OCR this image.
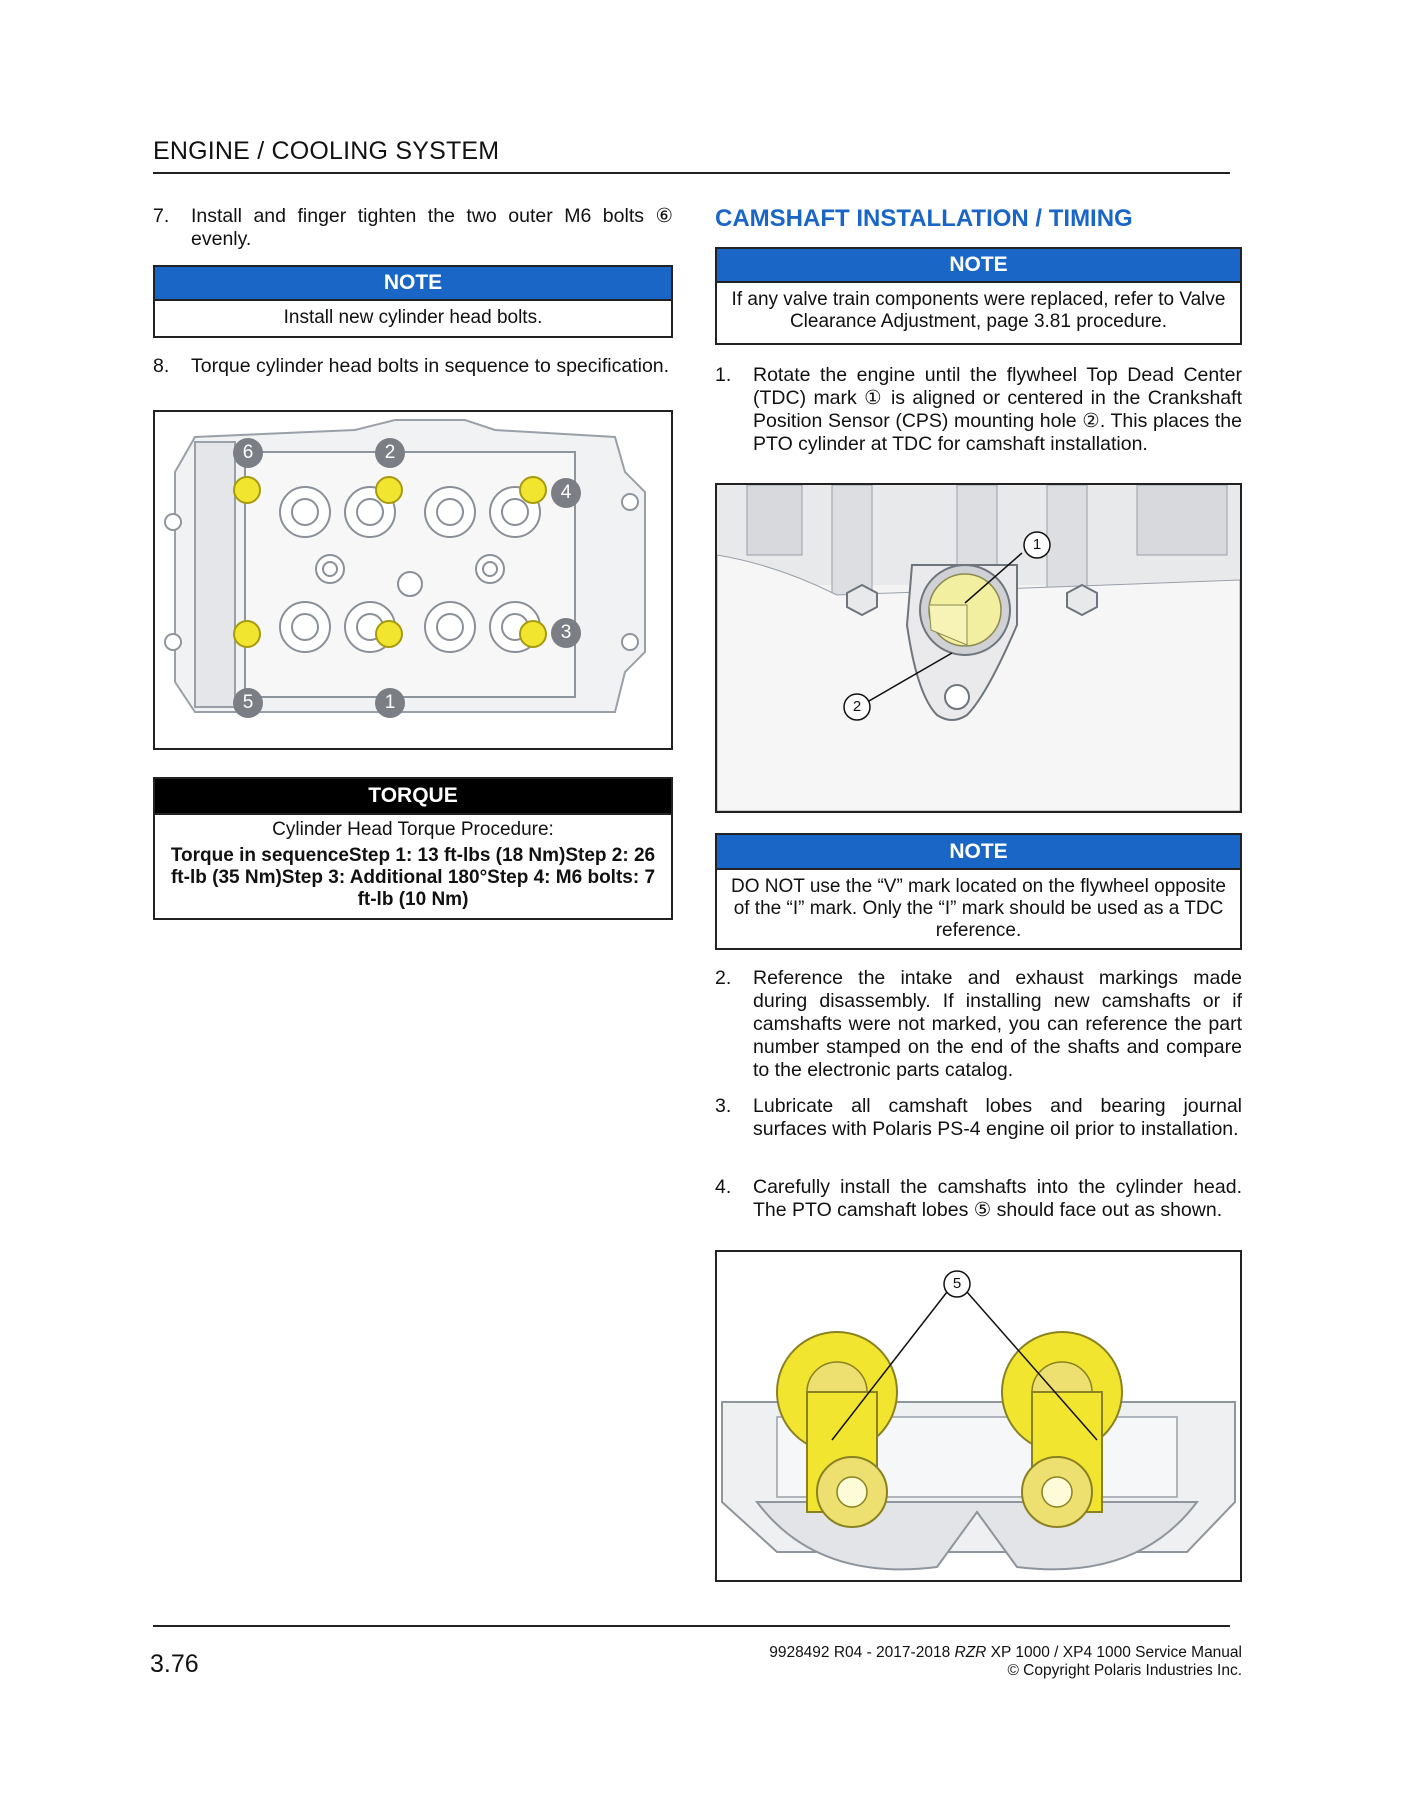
ENGINE / COOLING SYSTEM
7. Install and finger tighten the two outer M6 bolts ⑥ evenly.
NOTE
Install new cylinder head bolts.
8. Torque cylinder head bolts in sequence to specification.
6	2
4
3
5	1
TORQUE
Cylinder Head Torque Procedure:
Torque in sequenceStep 1: 13 ft-lbs (18 Nm)Step 2: 26 ft-lb (35 Nm)Step 3: Additional 180°Step 4: M6 bolts: 7 ft-lb (10 Nm)
CAMSHAFT INSTALLATION / TIMING
NOTE
If any valve train components were replaced, refer to Valve Clearance Adjustment, page 3.81 procedure.
1. Rotate the engine until the flywheel Top Dead Center (TDC) mark ① is aligned or centered in the Crankshaft Position Sensor (CPS) mounting hole ②. This places the PTO cylinder at TDC for camshaft installation.
1
2
NOTE
DO NOT use the “V” mark located on the flywheel opposite of the “I” mark. Only the “I” mark should be used as a TDC reference.
2. Reference the intake and exhaust markings made during disassembly. If installing new camshafts or if camshafts were not marked, you can reference the part number stamped on the end of the shafts and compare to the electronic parts catalog.
3. Lubricate all camshaft lobes and bearing journal surfaces with Polaris PS-4 engine oil prior to installation.
4. Carefully install the camshafts into the cylinder head. The PTO camshaft lobes ⑤ should face out as shown.
5
3.76	9928492 R04 - 2017-2018 RZR XP 1000 / XP4 1000 Service Manual
© Copyright Polaris Industries Inc.
